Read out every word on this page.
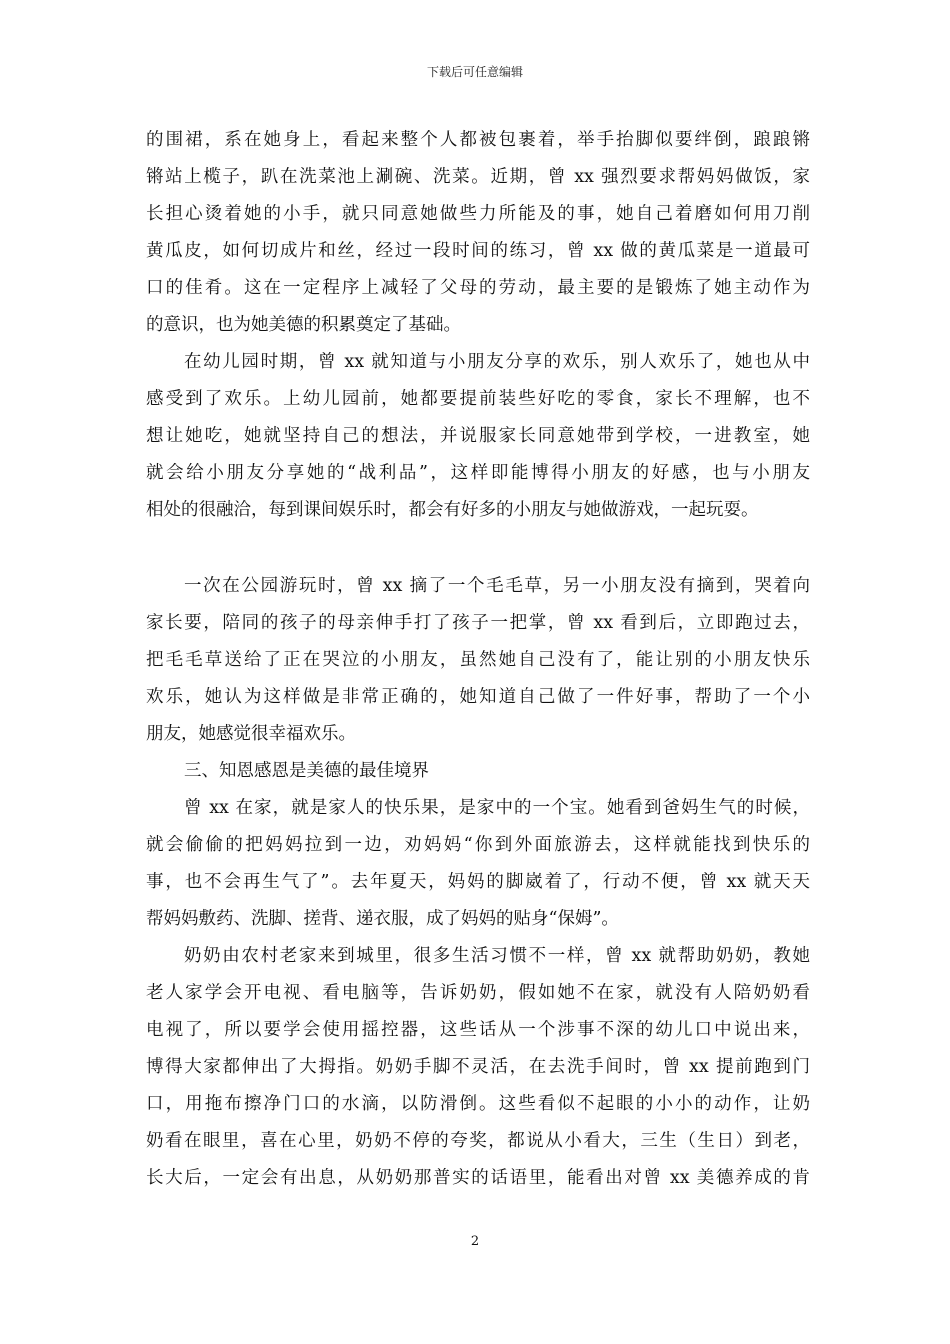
下载后可任意编辑
的围裙，系在她身上，看起来整个人都被包裹着，举手抬脚似要绊倒，踉踉锵
锵站上榄子，趴在洗菜池上涮碗、洗菜。近期，曾 xx 强烈要求帮妈妈做饭，家
长担心烫着她的小手，就只同意她做些力所能及的事，她自己着磨如何用刀削
黄瓜皮，如何切成片和丝，经过一段时间的练习，曾 xx 做的黄瓜菜是一道最可
口的佳肴。这在一定程序上减轻了父母的劳动，最主要的是锻炼了她主动作为
的意识，也为她美德的积累奠定了基础。
在幼儿园时期，曾 xx 就知道与小朋友分享的欢乐，别人欢乐了，她也从中
感受到了欢乐。上幼儿园前，她都要提前装些好吃的零食，家长不理解，也不
想让她吃，她就坚持自己的想法，并说服家长同意她带到学校，一进教室，她
就会给小朋友分享她的“战利品”，这样即能博得小朋友的好感，也与小朋友
相处的很融洽，每到课间娱乐时，都会有好多的小朋友与她做游戏，一起玩耍。
一次在公园游玩时，曾 xx 摘了一个毛毛草，另一小朋友没有摘到，哭着向
家长要，陪同的孩子的母亲伸手打了孩子一把掌，曾 xx 看到后，立即跑过去，
把毛毛草送给了正在哭泣的小朋友，虽然她自己没有了，能让别的小朋友快乐
欢乐，她认为这样做是非常正确的，她知道自己做了一件好事，帮助了一个小
朋友，她感觉很幸福欢乐。
三、知恩感恩是美德的最佳境界
曾 xx 在家，就是家人的快乐果，是家中的一个宝。她看到爸妈生气的时候，
就会偷偷的把妈妈拉到一边，劝妈妈“你到外面旅游去，这样就能找到快乐的
事，也不会再生气了”。去年夏天，妈妈的脚崴着了，行动不便，曾 xx 就天天
帮妈妈敷药、洗脚、搓背、递衣服，成了妈妈的贴身“保姆”。
奶奶由农村老家来到城里，很多生活习惯不一样，曾 xx 就帮助奶奶，教她
老人家学会开电视、看电脑等，告诉奶奶，假如她不在家，就没有人陪奶奶看
电视了，所以要学会使用摇控器，这些话从一个涉事不深的幼儿口中说出来，
博得大家都伸出了大拇指。奶奶手脚不灵活，在去洗手间时，曾 xx 提前跑到门
口，用拖布擦净门口的水滴，以防滑倒。这些看似不起眼的小小的动作，让奶
奶看在眼里，喜在心里，奶奶不停的夸奖，都说从小看大，三生（生日）到老，
长大后，一定会有出息，从奶奶那普实的话语里，能看出对曾 xx 美德养成的肯
2
